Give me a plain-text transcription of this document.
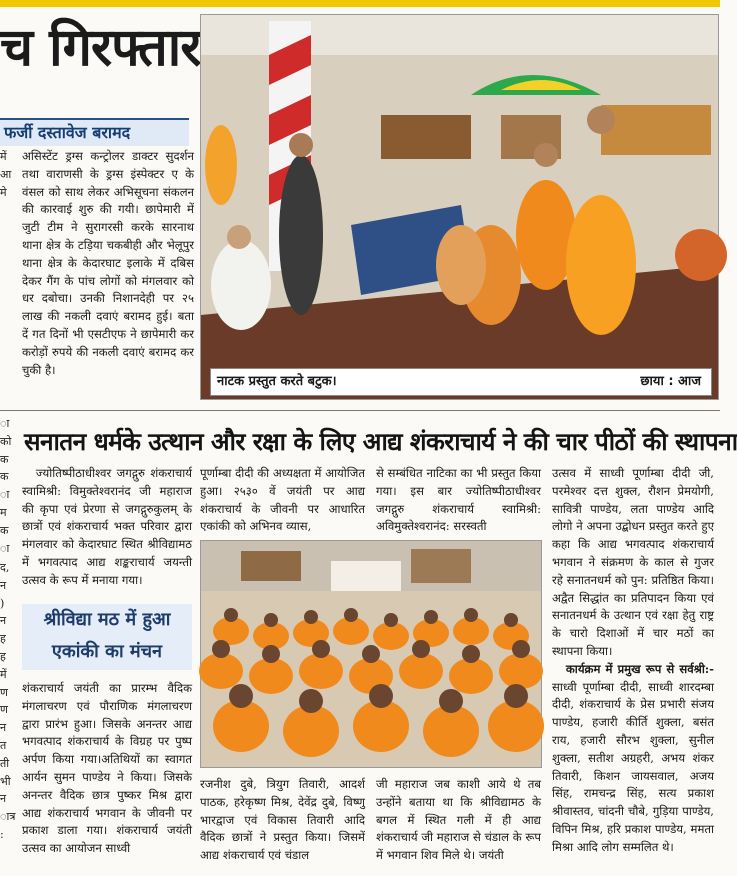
च गिरफ्तार
फर्जी दस्तावेज बरामद
में
आ
मे

ा
को
क
क
ा
म
क
ा

असिस्टेंट ड्रग्स कन्ट्रोलर डाक्टर सुदर्शन तथा वाराणसी के ड्रग्स इंस्पेक्टर ए के वंसल को साथ लेकर अभिसूचना संकलन की कारवाई शुरु की गयी। छापेमारी में जुटी टीम ने सुरागरसी करके सारनाथ थाना क्षेत्र के टड़िया चकबीही और भेलूपुर थाना क्षेत्र के केदारघाट इलाके में दबिस देकर गैंग के पांच लोगों को मंगलवार को धर दबोचा। उनकी निशानदेही पर २५ लाख की नकली दवाएं बरामद हुई। बता दें गत दिनों भी एसटीएफ ने छापेमारी कर करोड़ों रुपये की नकली दवाएं बरामद कर चुकी है।

नाटक प्रस्तुत करते बटुक।	छाया : आज
सनातन धर्मके उत्थान और रक्षा के लिए आद्य शंकराचार्य ने की चार पीठों की स्थापना

द,
न
)
न
ह
ह
में
ण
ण
न
त
ती
भी
न
ात्र
:

ज्योतिष्पीठाधीश्वर जगद्गुरु शंकराचार्य स्वामिश्री: विमुक्तेश्वरानंद जी महाराज की कृपा एवं प्रेरणा से जगद्गुरुकुलम् के छात्रों एवं शंकराचार्य भक्त परिवार द्वारा मंगलवार को केदारघाट स्थित श्रीविद्यामठ में भगवत्पाद आद्य शङ्कराचार्य जयन्ती उत्सव के रूप में मनाया गया।

श्रीविद्या मठ में हुआ एकांकी का मंचन

शंकराचार्य जयंती का प्रारम्भ वैदिक मंगलाचरण एवं पौराणिक मंगलाचरण द्वारा प्रारंभ हुआ। जिसके अनन्तर आद्य भगवत्पाद शंकराचार्य के विग्रह पर पुष्प अर्पण किया गया।अतिथियों का स्वागत आर्यन सुमन पाण्डेय ने किया। जिसके अनन्तर वैदिक छात्र पुष्कर मिश्र द्वारा आद्य शंकराचार्य भगवान के जीवनी पर प्रकाश डाला गया। शंकराचार्य जयंती उत्सव का आयोजन साध्वी

पूर्णाम्बा दीदी की अध्यक्षता में आयोजित हुआ। २५३० वें जयंती पर आद्य शंकराचार्य के जीवनी पर आधारित एकांकी को अभिनव व्यास,

से सम्बंधित नाटिका का भी प्रस्तुत किया गया। इस बार ज्योतिष्पीठाधीश्वर जगद्गुरु शंकराचार्य स्वामिश्री: अविमुक्तेश्वरानंद: सरस्वती

रजनीश दुबे, त्रियुग तिवारी, आदर्श पाठक, हरेकृष्ण मिश्र, देवेंद्र दुबे, विष्णु भारद्वाज एवं विकास तिवारी आदि वैदिक छात्रों ने प्रस्तुत किया। जिसमें आद्य शंकराचार्य एवं चंडाल

जी महाराज जब काशी आये थे तब उन्होंने बताया था कि श्रीविद्यामठ के बगल में स्थित गली में ही आद्य शंकराचार्य जी महाराज से चंडाल के रूप में भगवान शिव मिले थे। जयंती

उत्सव में साध्वी पूर्णाम्बा दीदी जी, परमेश्वर दत्त शुक्ल, रौशन प्रेमयोगी, सावित्री पाण्डेय, लता पाण्डेय आदि लोगो ने अपना उद्बोधन प्रस्तुत करते हुए कहा कि आद्य भगवत्पाद शंकराचार्य भगवान ने संक्रमण के काल से गुजर रहे सनातनधर्म को पुन: प्रतिष्ठित किया। अद्वैत सिद्धांत का प्रतिपादन किया एवं सनातनधर्म के उत्थान एवं रक्षा हेतु राष्ट्र के चारो दिशाओं में चार मठों का स्थापना किया।

कार्यक्रम में प्रमुख रूप से सर्वश्री:- साध्वी पूर्णाम्बा दीदी, साध्वी शारदम्बा दीदी, शंकराचार्य के प्रेस प्रभारी संजय पाण्डेय, हजारी कीर्ति शुक्ला, बसंत राय, हजारी सौरभ शुक्ला, सुनील शुक्ला, सतीश अग्रहरी, अभय शंकर तिवारी, किशन जायसवाल, अजय सिंह, रामचन्द्र सिंह, सत्य प्रकाश श्रीवास्तव, चांदनी चौबे, गुड़िया पाण्डेय, विपिन मिश्र, हरि प्रकाश पाण्डेय, ममता मिश्रा आदि लोग सम्मलित थे।
